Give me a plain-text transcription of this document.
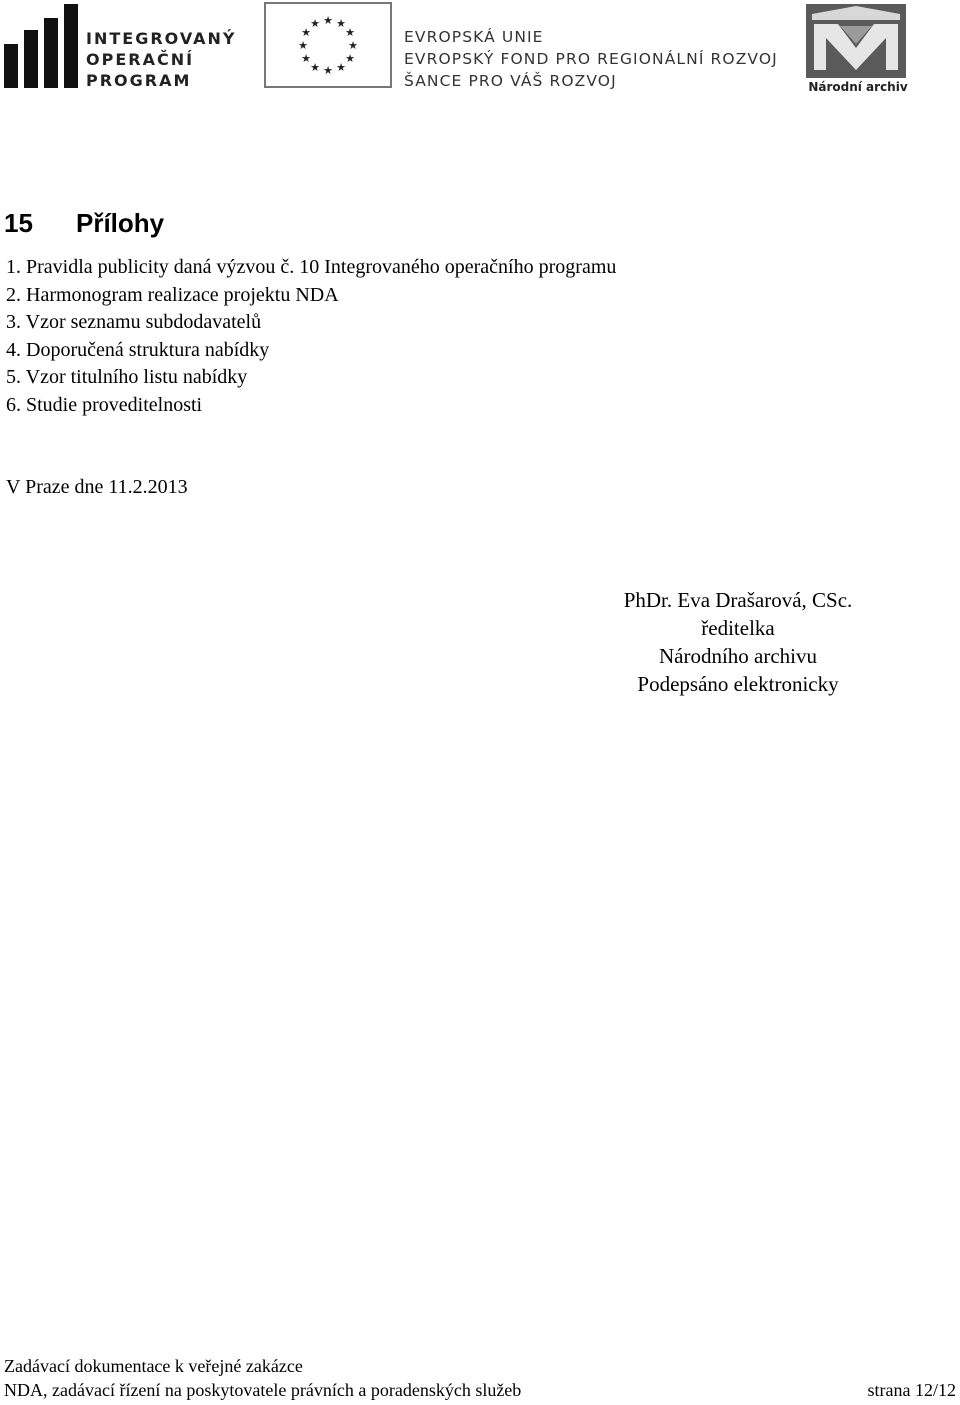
INTEGROVANÝ
OPERAČNÍ
PROGRAM
★ ★
★
★
★
★
★
★
★
★
★
★
EVROPSKÁ UNIE
EVROPSKÝ FOND PRO REGIONÁLNÍ ROZVOJ
ŠANCE PRO VÁŠ ROZVOJ	Národní archiv
15 Přílohy
1. Pravidla publicity daná výzvou č. 10 Integrovaného operačního programu
2. Harmonogram realizace projektu NDA
3. Vzor seznamu subdodavatelů
4. Doporučená struktura nabídky
5. Vzor titulního listu nabídky
6. Studie proveditelnosti
V Praze dne 11.2.2013
PhDr. Eva Drašarová, CSc.
ředitelka
Národního archivu
Podepsáno elektronicky
Zadávací dokumentace k veřejné zakázce
NDA, zadávací řízení na poskytovatele právních a poradenských služeb	strana 12/12
